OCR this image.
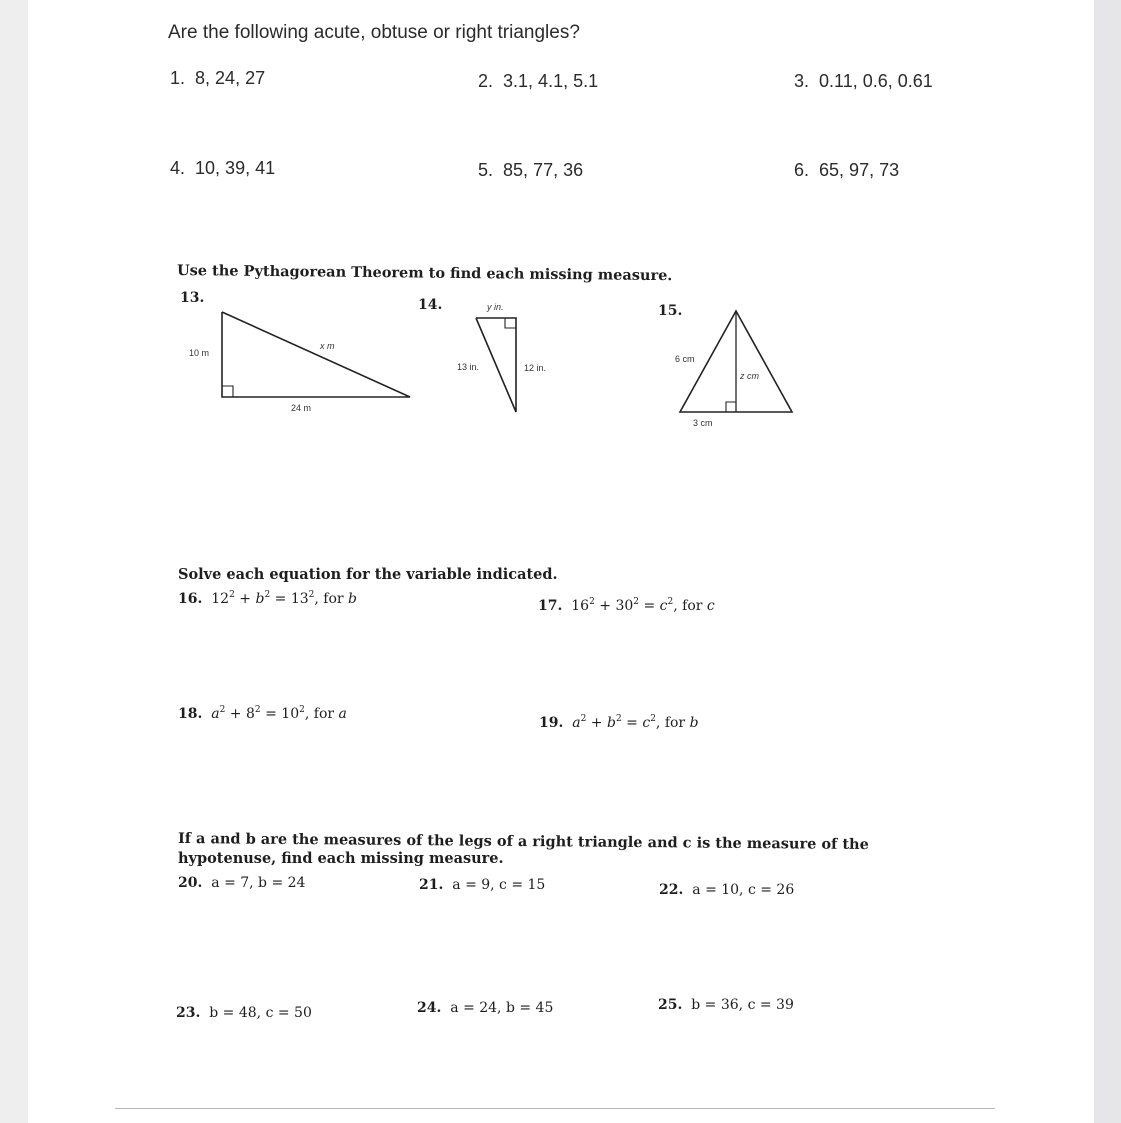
Are the following acute, obtuse or right triangles?
1. 8, 24, 27	2. 3.1, 4.1, 5.1	3. 0.11, 0.6, 0.61
4. 10, 39, 41	5. 85, 77, 36	6. 65, 97, 73
Use the Pythagorean Theorem to find each missing measure.
13.	14.	15.
10 m
x m
24 m
y in.
13 in.	12 in.
6 cm
z cm
3 cm
Solve each equation for the variable indicated.
16. $12^2 + b^2 = 13^2$, for b	17. $16^2 + 30^2 = c^2$, for c
18. $a^2 + 8^2 = 10^2$, for a
19. $a^2 + b^2 = c^2$, for b
If a and b are the measures of the legs of a right triangle and c is the measure of the
hypotenuse, find each missing measure.
20. a = 7, b = 24	21. a = 9, c = 15	22. a = 10, c = 26
23. b = 48, c = 50	24. a = 24, b = 45	25. b = 36, c = 39
